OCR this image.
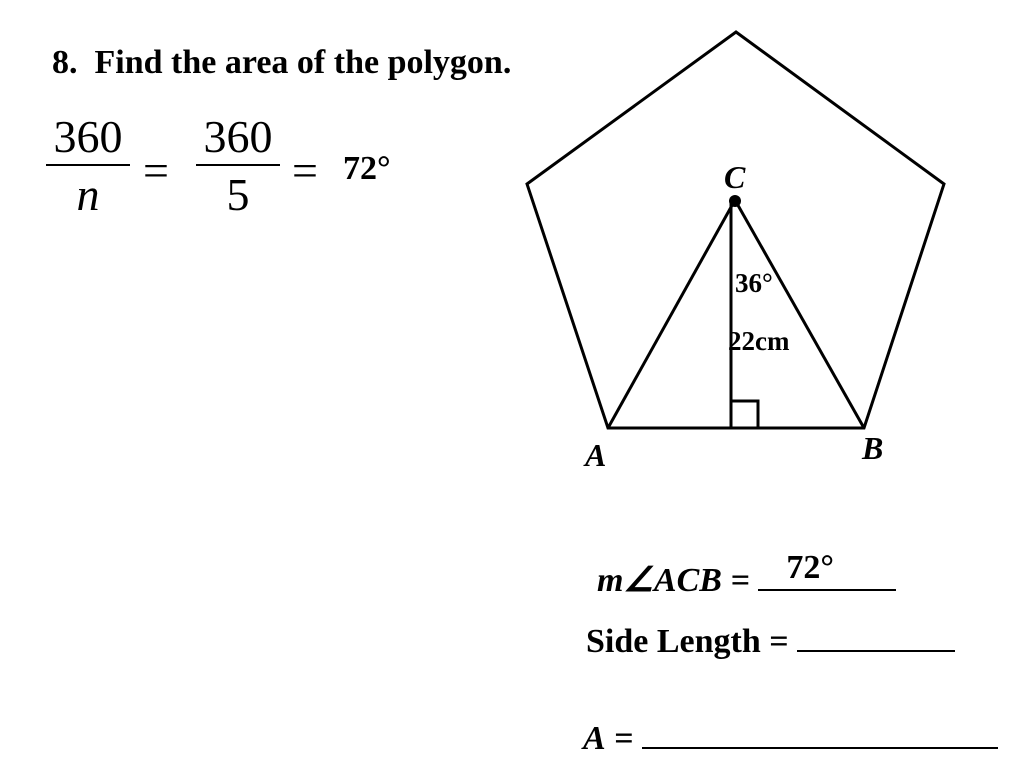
8. Find the area of the polygon.
360
n =
360
5 = 72°	C
A	B
36°
22cm
m∠ACB = 72°
Side Length =
A =
